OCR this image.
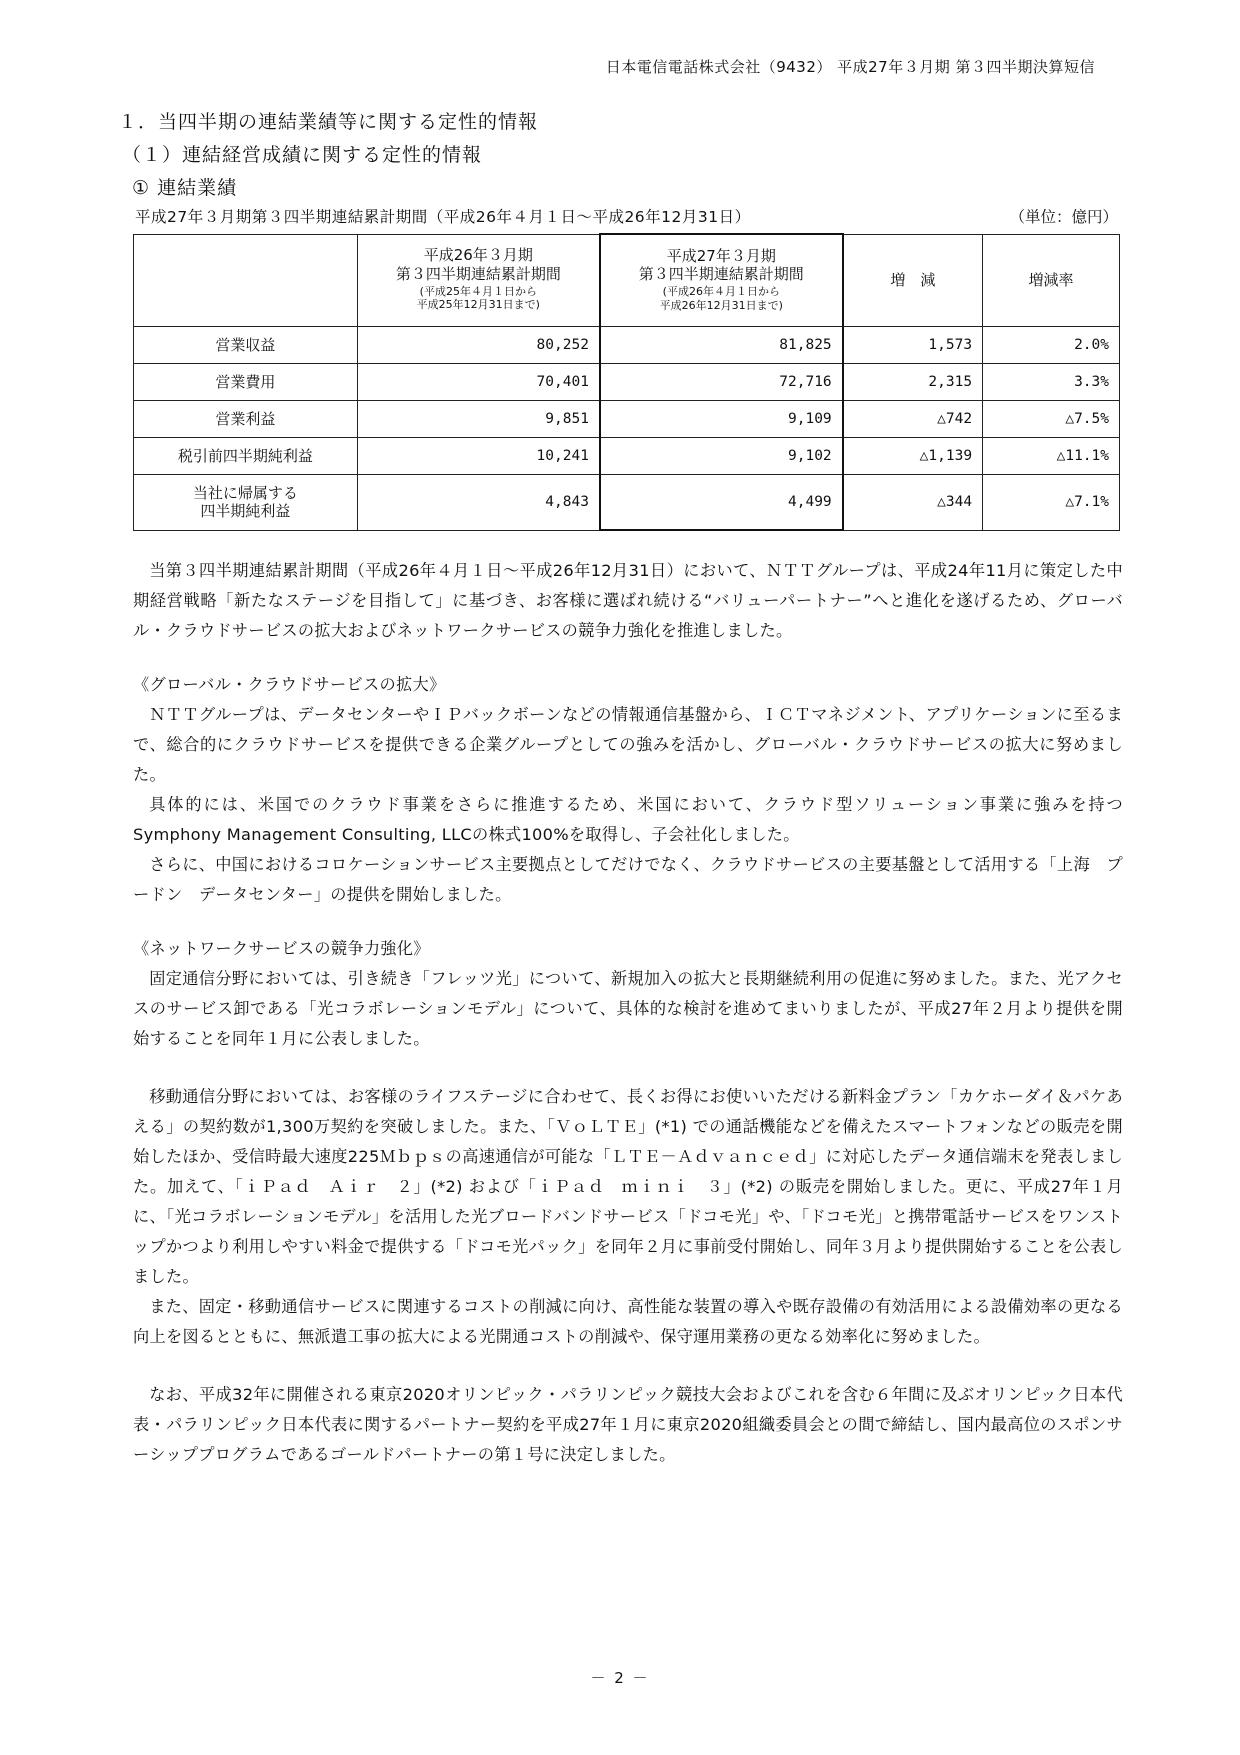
日本電信電話株式会社（9432） 平成27年３月期 第３四半期決算短信
１．当四半期の連結業績等に関する定性的情報
（１）連結経営成績に関する定性的情報
① 連結業績
平成27年３月期第３四半期連結累計期間（平成26年４月１日～平成26年12月31日）	（単位：億円）
	平成26年３月期
第３四半期連結累計期間
(平成25年４月１日から
平成25年12月31日まで)	平成27年３月期
第３四半期連結累計期間
(平成26年４月１日から
平成26年12月31日まで)	増　減	増減率
営業収益	80,252	81,825	1,573	2.0%
営業費用	70,401	72,716	2,315	3.3%
営業利益	9,851	9,109	△742	△7.5%
税引前四半期純利益	10,241	9,102	△1,139	△11.1%
当社に帰属する
四半期純利益	4,843	4,499	△344	△7.1%

当第３四半期連結累計期間（平成26年４月１日～平成26年12月31日）において、ＮＴＴグループは、平成24年11月に策定した中期経営戦略「新たなステージを目指して」に基づき、お客様に選ばれ続ける“バリューパートナー”へと進化を遂げるため、グローバル・クラウドサービスの拡大およびネットワークサービスの競争力強化を推進しました。

《グローバル・クラウドサービスの拡大》

ＮＴＴグループは、データセンターやＩＰバックボーンなどの情報通信基盤から、ＩＣＴマネジメント、アプリケーションに至るまで、総合的にクラウドサービスを提供できる企業グループとしての強みを活かし、グローバル・クラウドサービスの拡大に努めました。

具体的には、米国でのクラウド事業をさらに推進するため、米国において、クラウド型ソリューション事業に強みを持つSymphony Management Consulting, LLCの株式100%を取得し、子会社化しました。

さらに、中国におけるコロケーションサービス主要拠点としてだけでなく、クラウドサービスの主要基盤として活用する「上海　プードン　データセンター」の提供を開始しました。

《ネットワークサービスの競争力強化》

固定通信分野においては、引き続き「フレッツ光」について、新規加入の拡大と長期継続利用の促進に努めました。また、光アクセスのサービス卸である「光コラボレーションモデル」について、具体的な検討を進めてまいりましたが、平成27年２月より提供を開始することを同年１月に公表しました。

移動通信分野においては、お客様のライフステージに合わせて、長くお得にお使いいただける新料金プラン「カケホーダイ＆パケあえる」の契約数が1,300万契約を突破しました。また、「ＶｏＬＴＥ」(*1) での通話機能などを備えたスマートフォンなどの販売を開始したほか、受信時最大速度225Ｍｂｐｓの高速通信が可能な「ＬＴＥ－Ａｄｖａｎｃｅｄ」に対応したデータ通信端末を発表しました。加えて、「ｉＰａｄ　Ａｉｒ　２」(*2) および「ｉＰａｄ　ｍｉｎｉ　３」(*2) の販売を開始しました。更に、平成27年１月に、「光コラボレーションモデル」を活用した光ブロードバンドサービス「ドコモ光」や、「ドコモ光」と携帯電話サービスをワンストップかつより利用しやすい料金で提供する「ドコモ光パック」を同年２月に事前受付開始し、同年３月より提供開始することを公表しました。

また、固定・移動通信サービスに関連するコストの削減に向け、高性能な装置の導入や既存設備の有効活用による設備効率の更なる向上を図るとともに、無派遣工事の拡大による光開通コストの削減や、保守運用業務の更なる効率化に努めました。

なお、平成32年に開催される東京2020オリンピック・パラリンピック競技大会およびこれを含む６年間に及ぶオリンピック日本代表・パラリンピック日本代表に関するパートナー契約を平成27年１月に東京2020組織委員会との間で締結し、国内最高位のスポンサーシッププログラムであるゴールドパートナーの第１号に決定しました。

－ 2 －
